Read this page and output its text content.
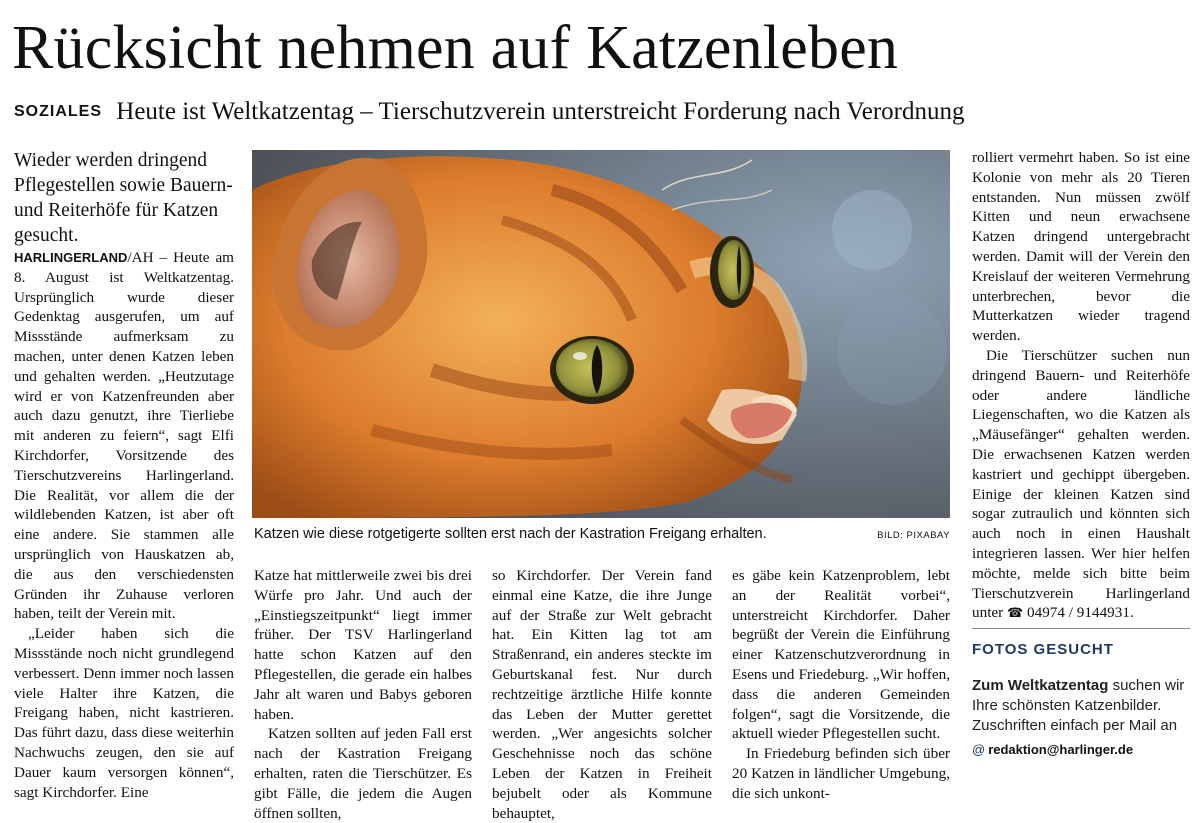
Rücksicht nehmen auf Katzenleben
SOZIALES Heute ist Weltkatzentag – Tierschutzverein unterstreicht Forderung nach Verordnung

Wieder werden dringend Pflegestellen sowie Bauern- und Reiterhöfe für Katzen gesucht.

HARLINGERLAND/AH – Heute am 8. August ist Weltkatzentag. Ursprünglich wurde dieser Gedenktag ausgerufen, um auf Missstände aufmerksam zu machen, unter denen Katzen leben und gehalten werden. „Heutzutage wird er von Katzenfreunden aber auch dazu genutzt, ihre Tierliebe mit anderen zu feiern“, sagt Elfi Kirchdorfer, Vorsitzende des Tierschutzvereins Harlingerland. Die Realität, vor allem die der wildlebenden Katzen, ist aber oft eine andere. Sie stammen alle ursprünglich von Hauskatzen ab, die aus den verschiedensten Gründen ihr Zuhause verloren haben, teilt der Verein mit.

„Leider haben sich die Missstände noch nicht grundlegend verbessert. Denn immer noch lassen viele Halter ihre Katzen, die Freigang haben, nicht kastrieren. Das führt dazu, dass diese weiterhin Nachwuchs zeugen, den sie auf Dauer kaum versorgen können“, sagt Kirchdorfer. Eine

Katzen wie diese rotgetigerte sollten erst nach der Kastration Freigang erhalten.	BILD: PIXABAY

Katze hat mittlerweile zwei bis drei Würfe pro Jahr. Und auch der „Einstiegszeitpunkt“ liegt immer früher. Der TSV Harlingerland hatte schon Katzen auf den Pflegestellen, die gerade ein halbes Jahr alt waren und Babys geboren haben.

Katzen sollten auf jeden Fall erst nach der Kastration Freigang erhalten, raten die Tierschützer. Es gibt Fälle, die jedem die Augen öffnen sollten,

so Kirchdorfer. Der Verein fand einmal eine Katze, die ihre Junge auf der Straße zur Welt gebracht hat. Ein Kitten lag tot am Straßenrand, ein anderes steckte im Geburtskanal fest. Nur durch rechtzeitige ärztliche Hilfe konnte das Leben der Mutter gerettet werden. „Wer angesichts solcher Geschehnisse noch das schöne Leben der Katzen in Freiheit bejubelt oder als Kommune behauptet,

es gäbe kein Katzenproblem, lebt an der Realität vorbei“, unterstreicht Kirchdorfer. Daher begrüßt der Verein die Einführung einer Katzenschutzverordnung in Esens und Friedeburg. „Wir hoffen, dass die anderen Gemeinden folgen“, sagt die Vorsitzende, die aktuell wieder Pflegestellen sucht.

In Friedeburg befinden sich über 20 Katzen in ländlicher Umgebung, die sich unkont-

rolliert vermehrt haben. So ist eine Kolonie von mehr als 20 Tieren entstanden. Nun müssen zwölf Kitten und neun erwachsene Katzen dringend untergebracht werden. Damit will der Verein den Kreislauf der weiteren Vermehrung unterbrechen, bevor die Mutterkatzen wieder tragend werden.

Die Tierschützer suchen nun dringend Bauern- und Reiterhöfe oder andere ländliche Liegenschaften, wo die Katzen als „Mäusefänger“ gehalten werden. Die erwachsenen Katzen werden kastriert und gechippt übergeben. Einige der kleinen Katzen sind sogar zutraulich und könnten sich auch noch in einen Haushalt integrieren lassen. Wer hier helfen möchte, melde sich bitte beim Tierschutzverein Harlingerland unter ☎ 04974 / 9144931.

FOTOS GESUCHT
Zum Weltkatzentag suchen wir Ihre schönsten Katzenbilder. Zuschriften einfach per Mail an
@ redaktion@harlinger.de
